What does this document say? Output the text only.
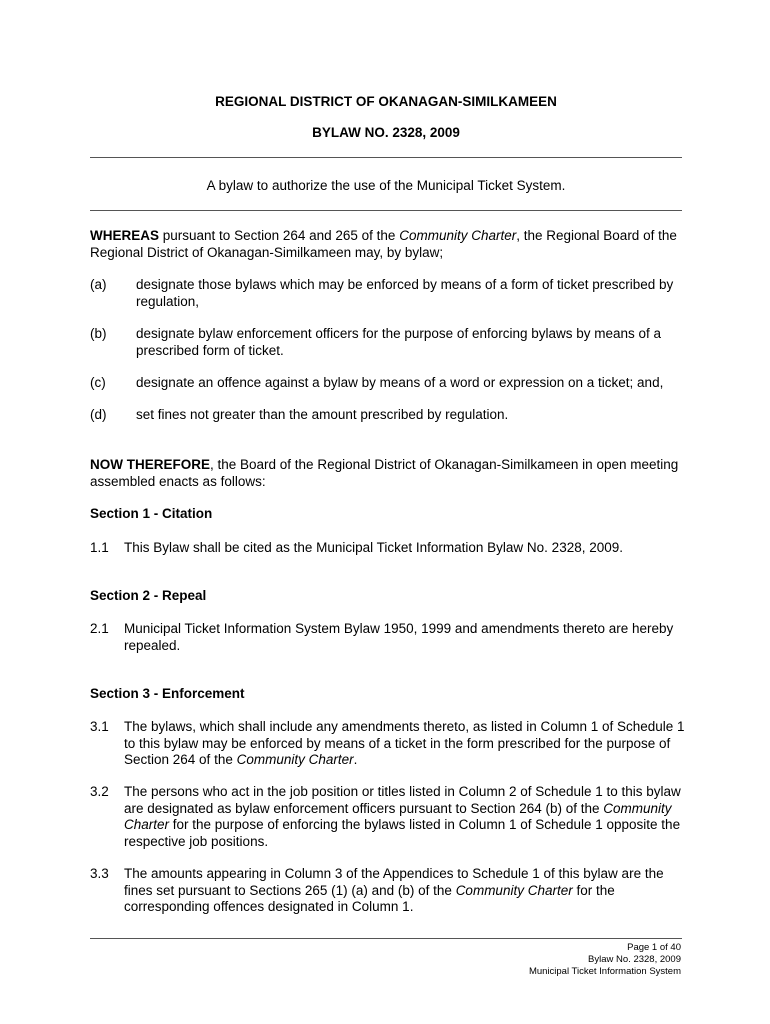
REGIONAL DISTRICT OF OKANAGAN-SIMILKAMEEN
BYLAW NO. 2328, 2009
A bylaw to authorize the use of the Municipal Ticket System.
WHEREAS pursuant to Section 264 and 265 of the Community Charter, the Regional Board of the Regional District of Okanagan-Similkameen may, by bylaw;
(a) designate those bylaws which may be enforced by means of a form of ticket prescribed by regulation,
(b) designate bylaw enforcement officers for the purpose of enforcing bylaws by means of a prescribed form of ticket.
(c) designate an offence against a bylaw by means of a word or expression on a ticket; and,
(d) set fines not greater than the amount prescribed by regulation.
NOW THEREFORE, the Board of the Regional District of Okanagan-Similkameen in open meeting assembled enacts as follows:
Section 1 - Citation
1.1 This Bylaw shall be cited as the Municipal Ticket Information Bylaw No. 2328, 2009.
Section 2 - Repeal
2.1 Municipal Ticket Information System Bylaw 1950, 1999 and amendments thereto are hereby repealed.
Section 3 - Enforcement
3.1 The bylaws, which shall include any amendments thereto, as listed in Column 1 of Schedule 1 to this bylaw may be enforced by means of a ticket in the form prescribed for the purpose of Section 264 of the Community Charter.
3.2 The persons who act in the job position or titles listed in Column 2 of Schedule 1 to this bylaw are designated as bylaw enforcement officers pursuant to Section 264 (b) of the Community Charter for the purpose of enforcing the bylaws listed in Column 1 of Schedule 1 opposite the respective job positions.
3.3 The amounts appearing in Column 3 of the Appendices to Schedule 1 of this bylaw are the fines set pursuant to Sections 265 (1) (a) and (b) of the Community Charter for the corresponding offences designated in Column 1.
Page 1 of 40
Bylaw No. 2328, 2009
Municipal Ticket Information System
